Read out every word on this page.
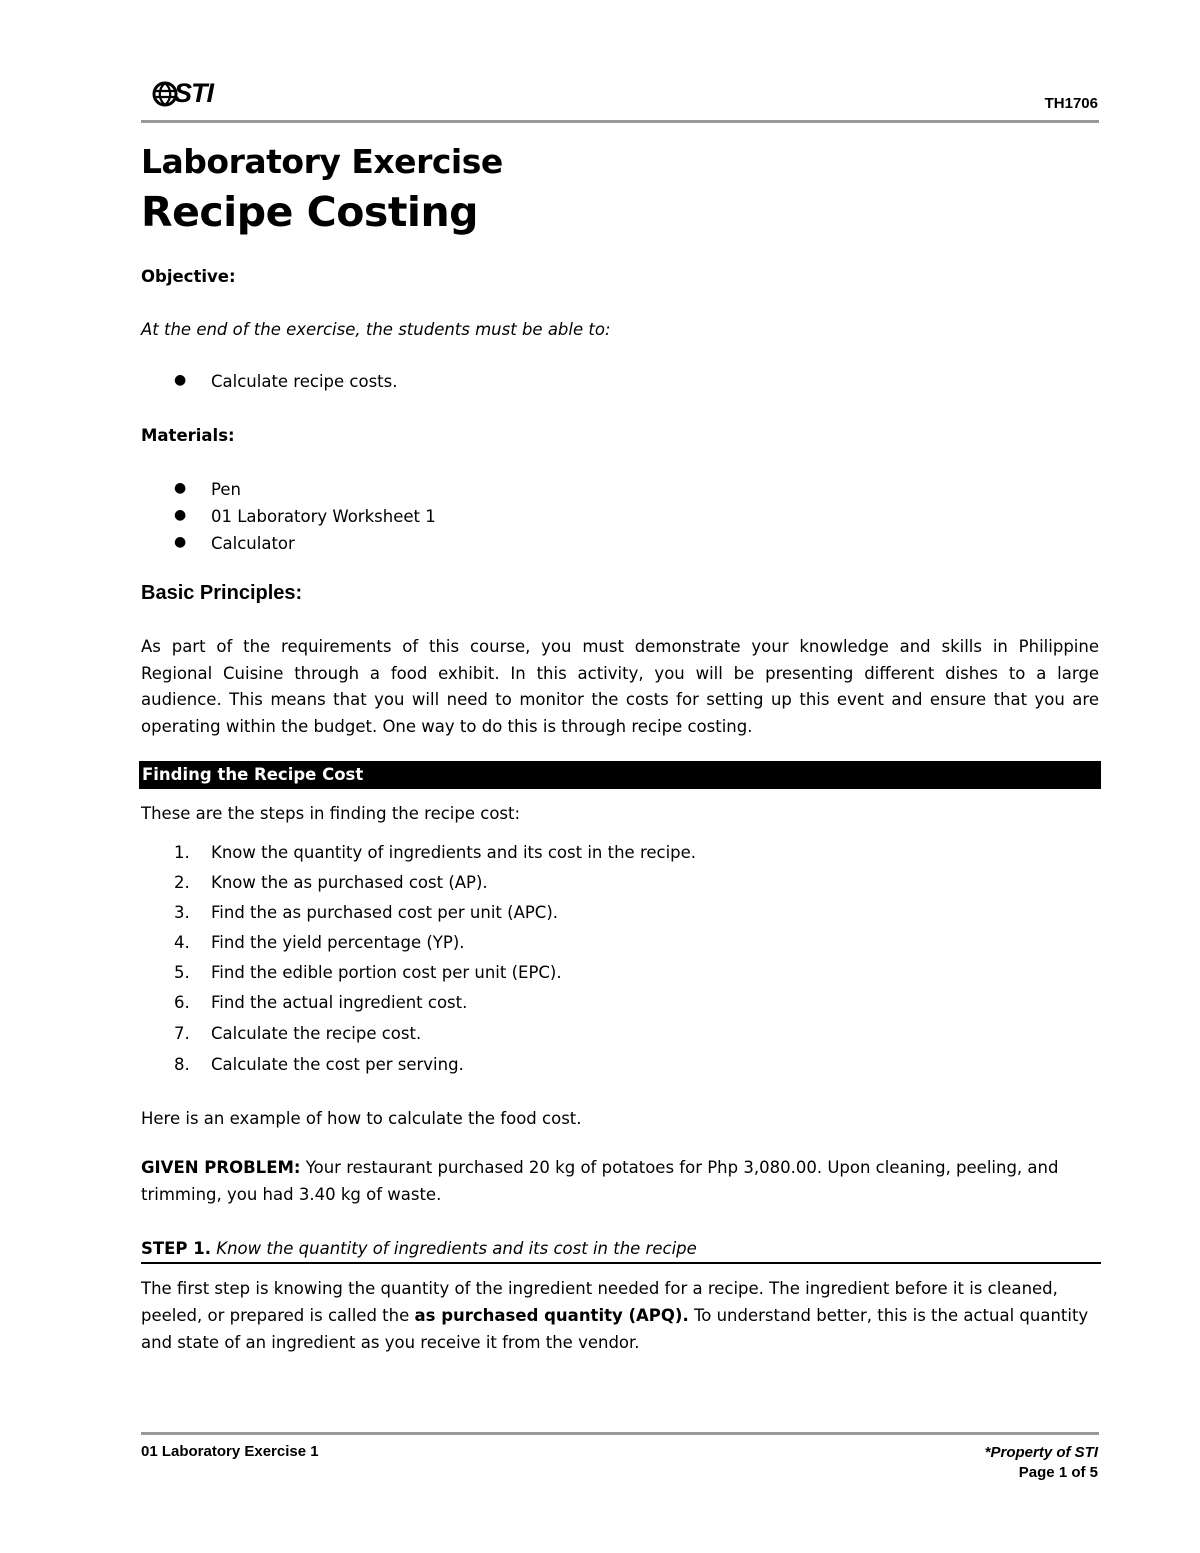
STI	TH1706
Laboratory Exercise
Recipe Costing
Objective:
At the end of the exercise, the students must be able to:
● Calculate recipe costs.
Materials:
● Pen
● 01 Laboratory Worksheet 1
● Calculator
Basic Principles:
As part of the requirements of this course, you must demonstrate your knowledge and skills in Philippine
Regional Cuisine through a food exhibit. In this activity, you will be presenting different dishes to a large
audience. This means that you will need to monitor the costs for setting up this event and ensure that you are
operating within the budget. One way to do this is through recipe costing.
Finding the Recipe Cost
These are the steps in finding the recipe cost:
1. Know the quantity of ingredients and its cost in the recipe.
2. Know the as purchased cost (AP).
3. Find the as purchased cost per unit (APC).
4. Find the yield percentage (YP).
5. Find the edible portion cost per unit (EPC).
6. Find the actual ingredient cost.
7. Calculate the recipe cost.
8. Calculate the cost per serving.
Here is an example of how to calculate the food cost.
GIVEN PROBLEM: Your restaurant purchased 20 kg of potatoes for Php 3,080.00. Upon cleaning, peeling, and
trimming, you had 3.40 kg of waste.
STEP 1. Know the quantity of ingredients and its cost in the recipe
The first step is knowing the quantity of the ingredient needed for a recipe. The ingredient before it is cleaned,
peeled, or prepared is called the as purchased quantity (APQ). To understand better, this is the actual quantity
and state of an ingredient as you receive it from the vendor.
01 Laboratory Exercise 1	*Property of STI
Page 1 of 5
